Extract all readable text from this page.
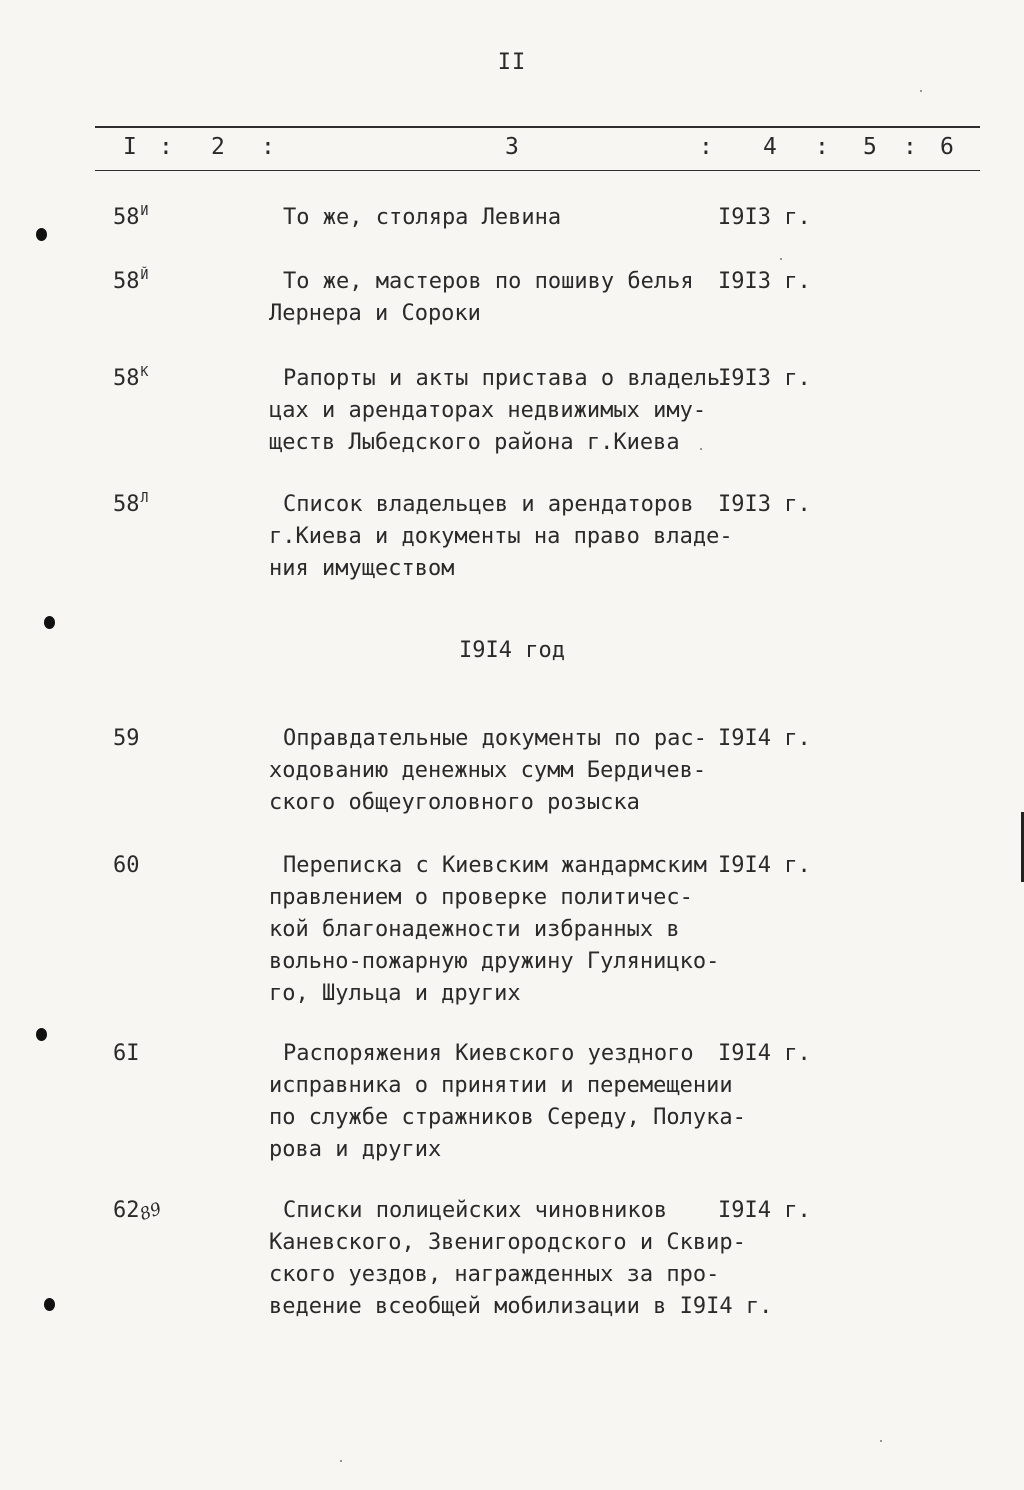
II
I : 2 :	3	: 4 : 5 : 6
$58^И$	То же, столяра Левина	I9I3 г.
$58^Й$	То же, мастеров по пошиву белья
Лернера и Сороки
I9I3 г.
$58^К$	Рапорты и акты пристава о владель-
цах и арендаторах недвижимых иму-
ществ Лыбедского района г.Киева
I9I3 г.
$58^Л$	Список владельцев и арендаторов
г.Киева и документы на право владе-
ния имуществом
I9I3 г.
I9I4 год
59	Оправдательные документы по рас-
ходованию денежных сумм Бердичев-
ского общеуголовного розыска
I9I4 г.
60	Переписка с Киевским жандармским
правлением о проверке политичес-
кой благонадежности избранных в
вольно-пожарную дружину Гуляницко-
го, Шульца и других
I9I4 г.
6I	Распоряжения Киевского уездного
исправника о принятии и перемещении
по службе стражников Середу, Полука-
рова и других
I9I4 г.
6289	Списки полицейских чиновников
Каневского, Звенигородского и Сквир-
ского уездов, награжденных за про-
ведение всеобщей мобилизации в I9I4 г.
I9I4 г.
